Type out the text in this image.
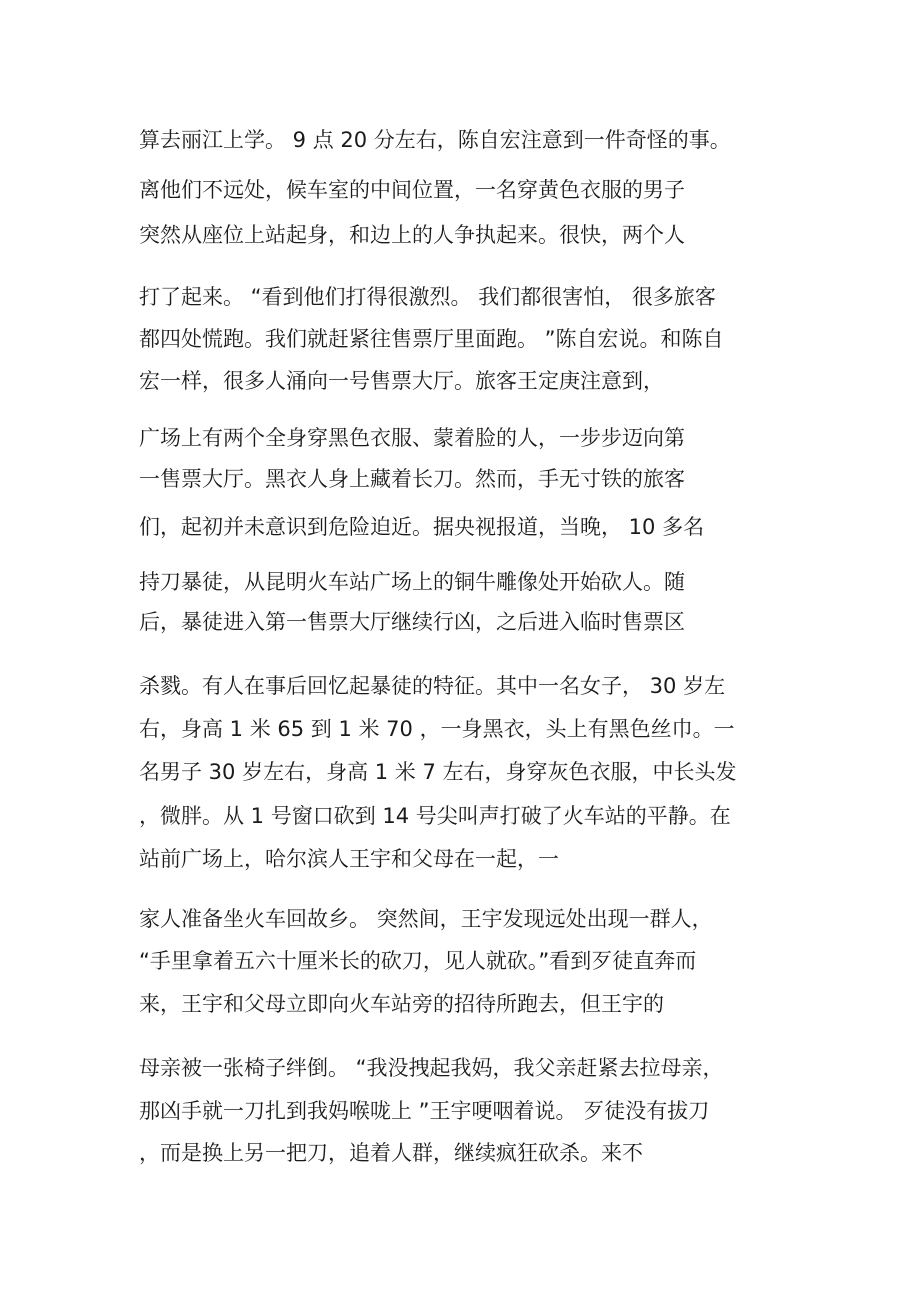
算去丽江上学。 9 点 20 分左右，陈自宏注意到一件奇怪的事。
离他们不远处，候车室的中间位置，一名穿黄色衣服的男子
突然从座位上站起身，和边上的人争执起来。很快，两个人
打了起来。 “看到他们打得很激烈。 我们都很害怕， 很多旅客
都四处慌跑。我们就赶紧往售票厅里面跑。 ”陈自宏说。和陈自
宏一样，很多人涌向一号售票大厅。旅客王定庚注意到，
广场上有两个全身穿黑色衣服、蒙着脸的人，一步步迈向第
一售票大厅。黑衣人身上藏着长刀。然而，手无寸铁的旅客
们，起初并未意识到危险迫近。据央视报道，当晚， 10 多名
持刀暴徒，从昆明火车站广场上的铜牛雕像处开始砍人。随
后，暴徒进入第一售票大厅继续行凶，之后进入临时售票区
杀戮。有人在事后回忆起暴徒的特征。其中一名女子， 30 岁左
右，身高 1 米 65 到 1 米 70 ，一身黑衣，头上有黑色丝巾。一
名男子 30 岁左右，身高 1 米 7 左右，身穿灰色衣服，中长头发
，微胖。从 1 号窗口砍到 14 号尖叫声打破了火车站的平静。在
站前广场上，哈尔滨人王宇和父母在一起，一
家人准备坐火车回故乡。 突然间，王宇发现远处出现一群人，
“手里拿着五六十厘米长的砍刀，见人就砍。”看到歹徒直奔而
来，王宇和父母立即向火车站旁的招待所跑去，但王宇的
母亲被一张椅子绊倒。 “我没拽起我妈，我父亲赶紧去拉母亲，
那凶手就一刀扎到我妈喉咙上 ”王宇哽咽着说。 歹徒没有拔刀
，而是换上另一把刀，追着人群，继续疯狂砍杀。来不
